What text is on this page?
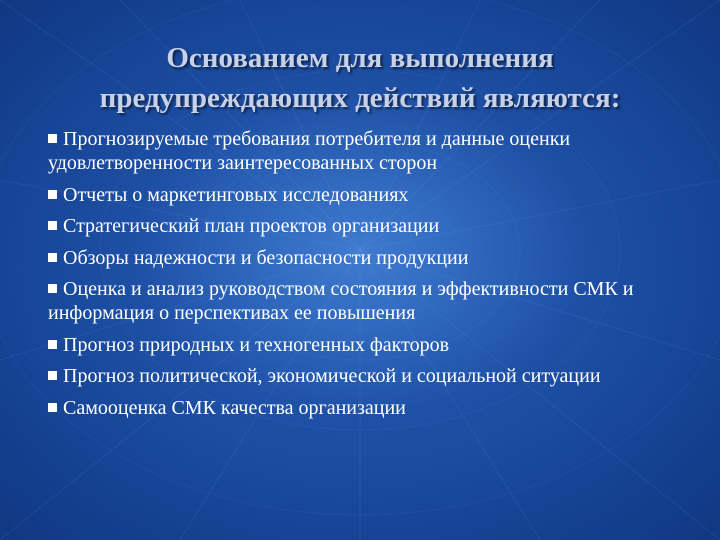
Основанием для выполнения
предупреждающих действий являются:
Прогнозируемые требования потребителя и данные оценки удовлетворенности заинтересованных сторон
Отчеты о маркетинговых исследованиях
Стратегический план проектов организации
Обзоры надежности и безопасности продукции
Оценка и анализ руководством состояния и эффективности СМК и информация о перспективах ее повышения
Прогноз природных и техногенных факторов
Прогноз политической, экономической и социальной ситуации
Самооценка СМК качества организации
